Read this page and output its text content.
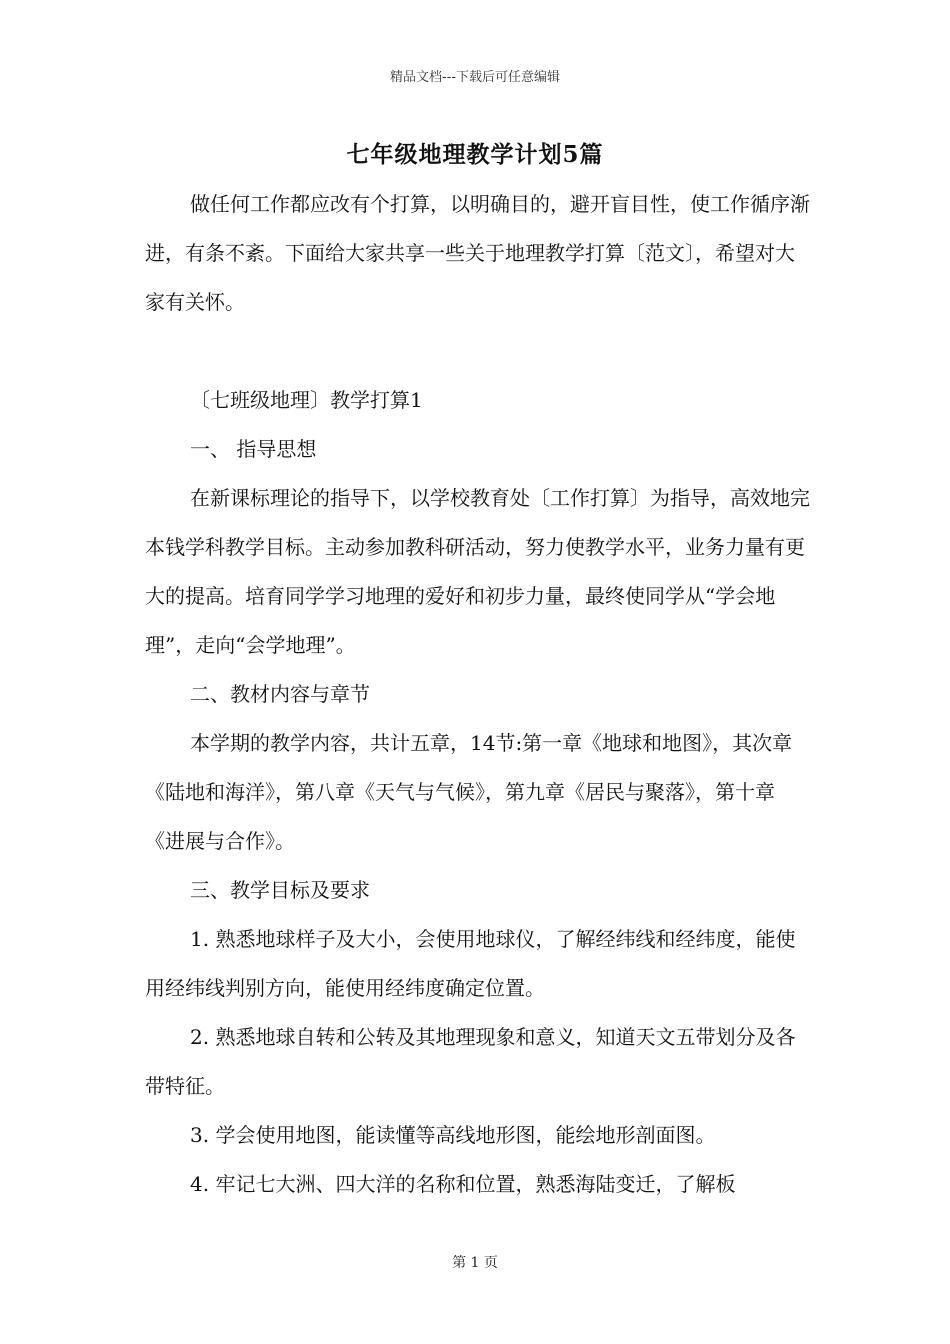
精品文档---下载后可任意编辑
七年级地理教学计划5篇

做任何工作都应改有个打算，以明确目的，避开盲目性，使工作循序渐进，有条不紊。下面给大家共享一些关于地理教学打算〔范文〕，希望对大家有关怀。

〔七班级地理〕教学打算1

一、 指导思想

在新课标理论的指导下，以学校教育处〔工作打算〕为指导，高效地完本钱学科教学目标。主动参加教科研活动，努力使教学水平，业务力量有更大的提高。培育同学学习地理的爱好和初步力量，最终使同学从“学会地理”，走向“会学地理”。

二、教材内容与章节

本学期的教学内容，共计五章，14节:第一章《地球和地图》，其次章《陆地和海洋》，第八章《天气与气候》，第九章《居民与聚落》，第十章《进展与合作》。

三、教学目标及要求

1. 熟悉地球样子及大小，会使用地球仪，了解经纬线和经纬度，能使用经纬线判别方向，能使用经纬度确定位置。

2. 熟悉地球自转和公转及其地理现象和意义，知道天文五带划分及各带特征。

3. 学会使用地图，能读懂等高线地形图，能绘地形剖面图。

4. 牢记七大洲、四大洋的名称和位置，熟悉海陆变迁，了解板

第 1 页
